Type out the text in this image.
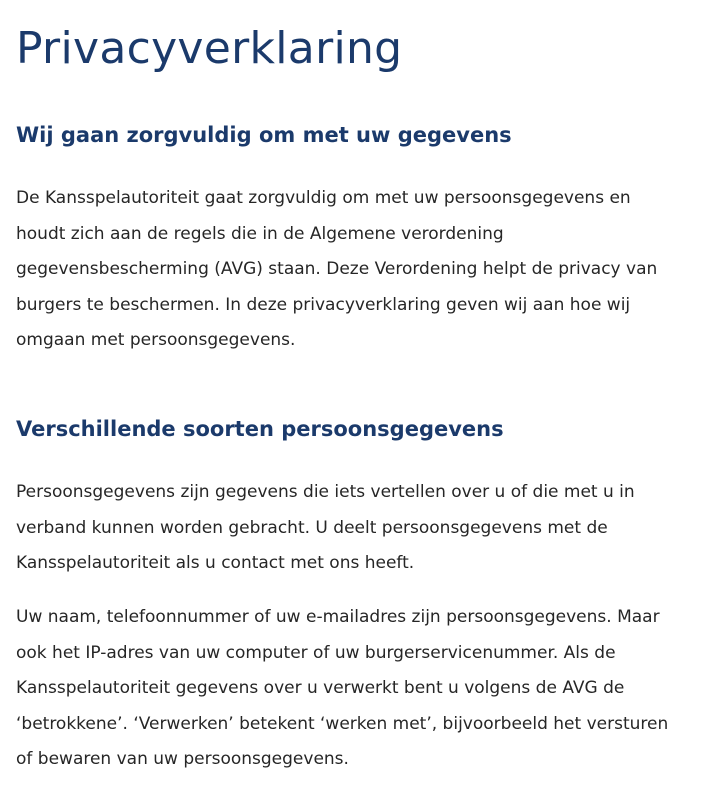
Privacyverklaring
Wij gaan zorgvuldig om met uw gegevens

De Kansspelautoriteit gaat zorgvuldig om met uw persoonsgegevens en
houdt zich aan de regels die in de Algemene verordening
gegevensbescherming (AVG) staan. Deze Verordening helpt de privacy van
burgers te beschermen. In deze privacyverklaring geven wij aan hoe wij
omgaan met persoonsgegevens.

Verschillende soorten persoonsgegevens

Persoonsgegevens zijn gegevens die iets vertellen over u of die met u in
verband kunnen worden gebracht. U deelt persoonsgegevens met de
Kansspelautoriteit als u contact met ons heeft.

Uw naam, telefoonnummer of uw e-mailadres zijn persoonsgegevens. Maar
ook het IP-adres van uw computer of uw burgerservicenummer. Als de
Kansspelautoriteit gegevens over u verwerkt bent u volgens de AVG de
‘betrokkene’. ‘Verwerken’ betekent ‘werken met’, bijvoorbeeld het versturen
of bewaren van uw persoonsgegevens.
